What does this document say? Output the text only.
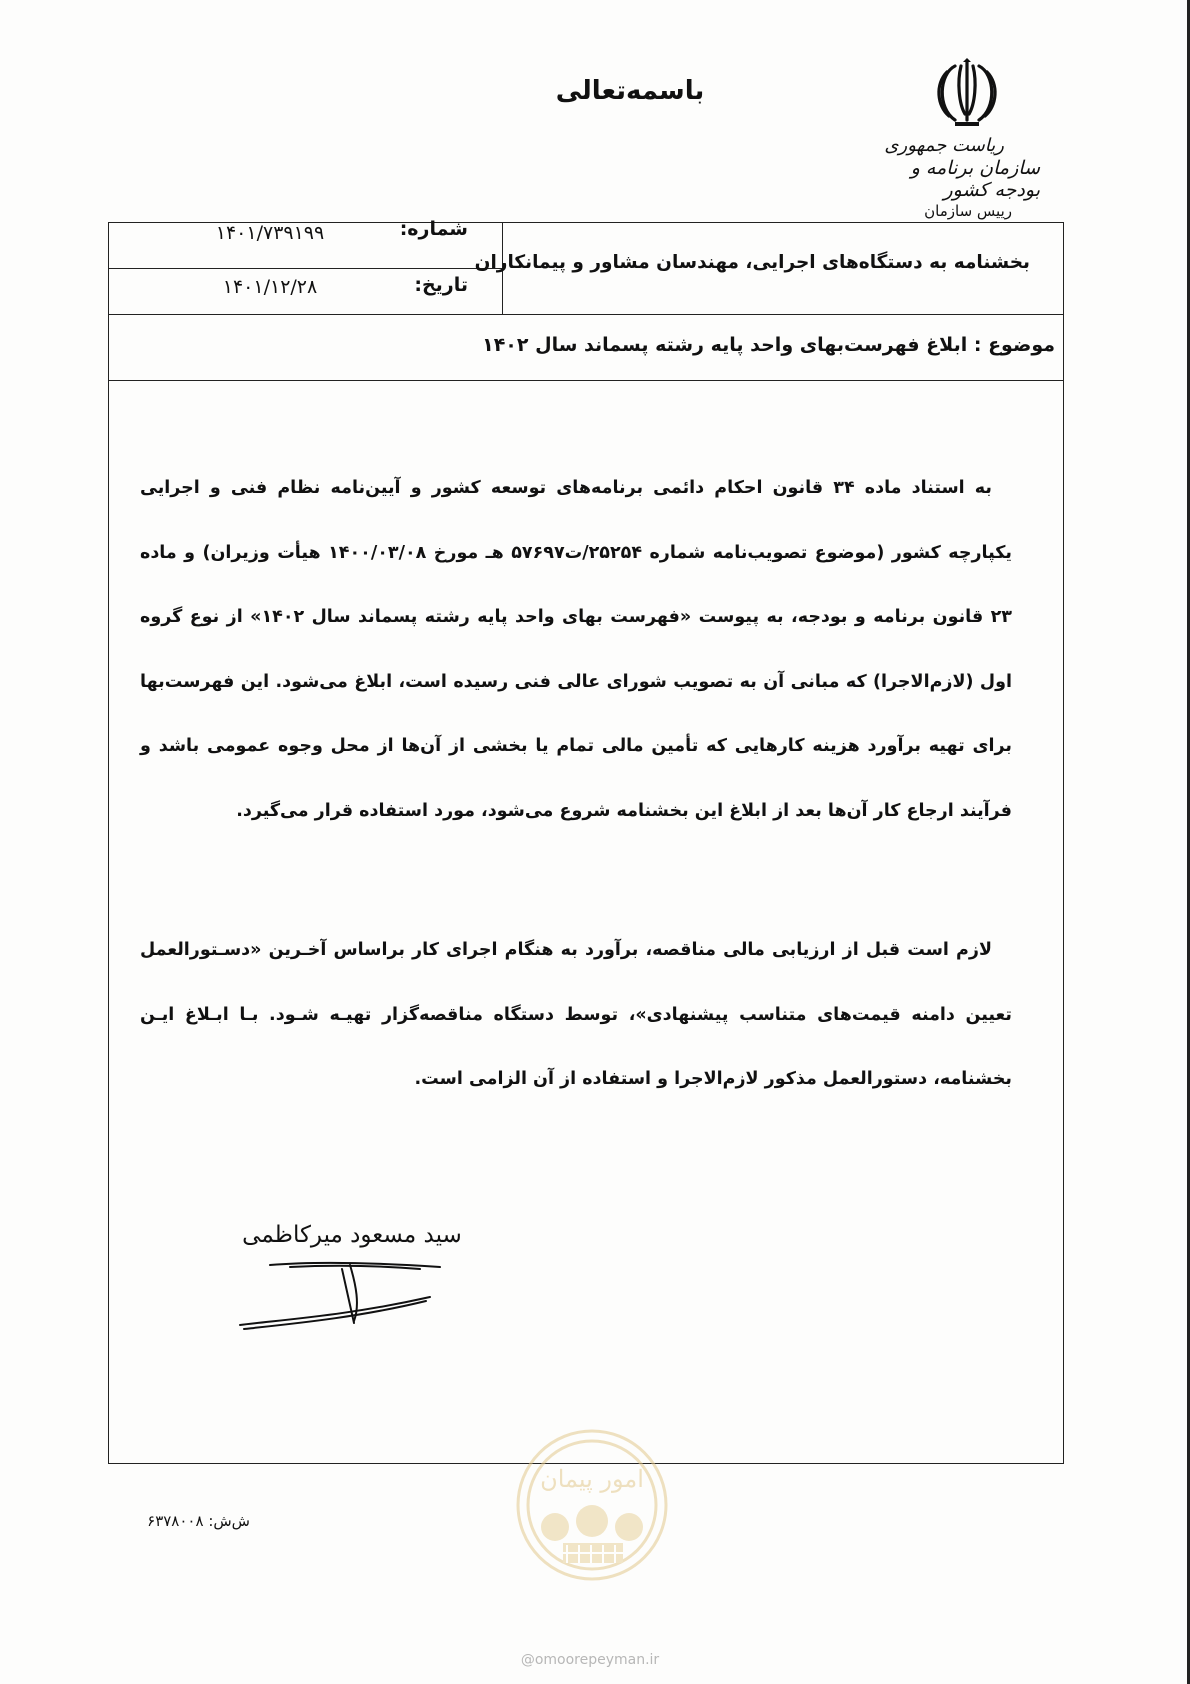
باسمه‌تعالی
ریاست جمهوری
سازمان برنامه و بودجه کشور
رییس سازمان
بخشنامه به دستگاه‌های اجرایی، مهندسان مشاور و پیمانکاران
شماره:
۱۴۰۱/۷۳۹۱۹۹
تاریخ:
۱۴۰۱/۱۲/۲۸
موضوع : ابلاغ فهرست‌بهای واحد پایه رشته پسماند سال ۱۴۰۲
به استناد ماده ۳۴ قانون احکام دائمی برنامه‌های توسعه کشور و آیین‌نامه نظام فنی و اجرایی یکپارچه کشور (موضوع تصویب‌نامه شماره ۲۵۲۵۴/ت۵۷۶۹۷ هـ مورخ ۱۴۰۰/۰۳/۰۸ هیأت وزیران) و ماده ۲۳ قانون برنامه و بودجه، به پیوست «فهرست بهای واحد پایه رشته پسماند سال ۱۴۰۲» از نوع گروه اول (لازم‌الاجرا) که مبانی آن به تصویب شورای عالی فنی رسیده است، ابلاغ می‌شود. این فهرست‌بها برای تهیه برآورد هزینه کارهایی که تأمین مالی تمام یا بخشی از آن‌ها از محل وجوه عمومی باشد و فرآیند ارجاع کار آن‌ها بعد از ابلاغ این بخشنامه شروع می‌شود، مورد استفاده قرار می‌گیرد.
لازم است قبل از ارزیابی مالی مناقصه، برآورد به هنگام اجرای کار براساس آخـرین «دسـتورالعمل تعیین دامنه قیمت‌های متناسب پیشنهادی»، توسط دستگاه مناقصه‌گزار تهیـه شـود. بـا ابـلاغ ایـن بخشنامه، دستورالعمل مذکور لازم‌الاجرا و استفاده از آن الزامی است.
سید مسعود میرکاظمی
ش‌ش: ۶۳۷۸۰۰۸
امور پیمان
@omoorepeyman.ir
